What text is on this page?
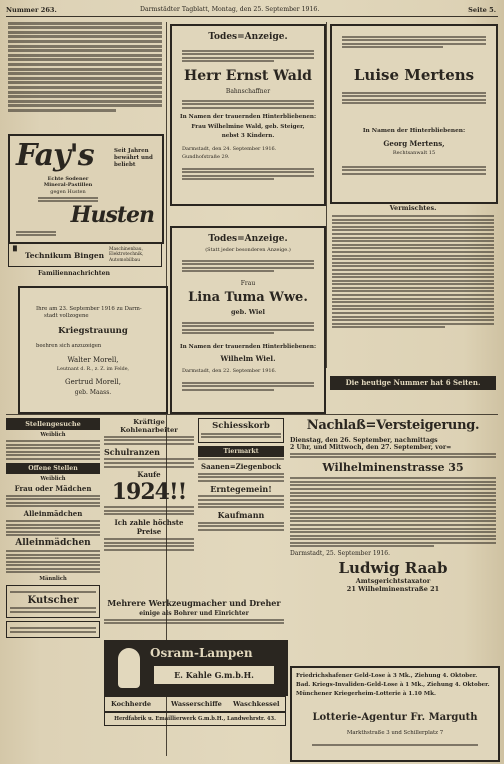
Nummer 263.	Darmstädter Tagblatt, Montag, den 25. September 1916.	Seite 5.
Fay's	Seit Jahren
bewährt und
beliebt
Echte Sodener
Mineral-Pastillen
gegen Husten
Husten
█
Technikum Bingen
Maschinenbau, Elektrotechnik,
Automobilbau
Familiennachrichten
Ihre am 23. September 1916 zu Darm-
stadt vollzogene
Kriegstrauung
beehren sich anzuzeigen
Walter Morell,
Leutnant d. R., z. Z. im Felde,
Gertrud Morell,
geb. Maass.
Todes=Anzeige.
Herr Ernst Wald
Bahnschaffner
In Namen der trauernden Hinterbliebenen:
Frau Wilhelmine Wald, geb. Steiger,
nebst 3 Kindern.
Darmstadt, den 24. September 1916.
Gundhofstraße 29.
Luise Mertens
In Namen der Hinterbliebenen:
Georg Mertens,
Rechtsanwalt 15
Todes=Anzeige.
(Statt jeder besonderen Anzeige.)
Frau
Lina Tuma Wwe.
geb. Wiel
In Namen der trauernden Hinterbliebenen:
Wilhelm Wiel.
Darmstadt, den 22. September 1916.
Vermischtes.
Die heutige Nummer hat 6 Seiten.
Stellengesuche
Weiblich
Offene Stellen
Weiblich
Frau oder Mädchen
Alleinmädchen
Alleinmädchen
Männlich
Kutscher
Kräftige Kohlenarbeiter
Schulranzen
Kaufe
1924!!
Ich zahle höchste Preise
Schiesskorb
Tiermarkt
Saanen=Ziegenbock
Erntegemein!
Kaufmann
Mehrere Werkzeugmacher und Dreher
einige als Bohrer und Einrichter
Osram-Lampen
E. Kahle G.m.b.H.
Kochherde	Wasserschiffe Waschkessel
Herdfabrik u. Emaillierwerk G.m.b.H., Landwehrstr. 43.
Nachlaß=Versteigerung.
Dienstag, den 26. September, nachmittags
2 Uhr, und Mittwoch, den 27. September, vor=
Wilhelminenstrasse 35
Darmstadt, 25. September 1916.
Ludwig Raab
Amtsgerichtstaxator
21 Wilhelminenstraße 21
Friedrichshafener Geld-Lose à 3 Mk., Ziehung 4. Oktober.
Bad. Kriegs-Invaliden-Geld-Lose à 1 Mk., Ziehung 4. Oktober.
Münchener Kriegerheim-Lotterie à 1.10 Mk.
Lotterie-Agentur Fr. Marguth
Markthstraße 3 und Schillerplatz 7
